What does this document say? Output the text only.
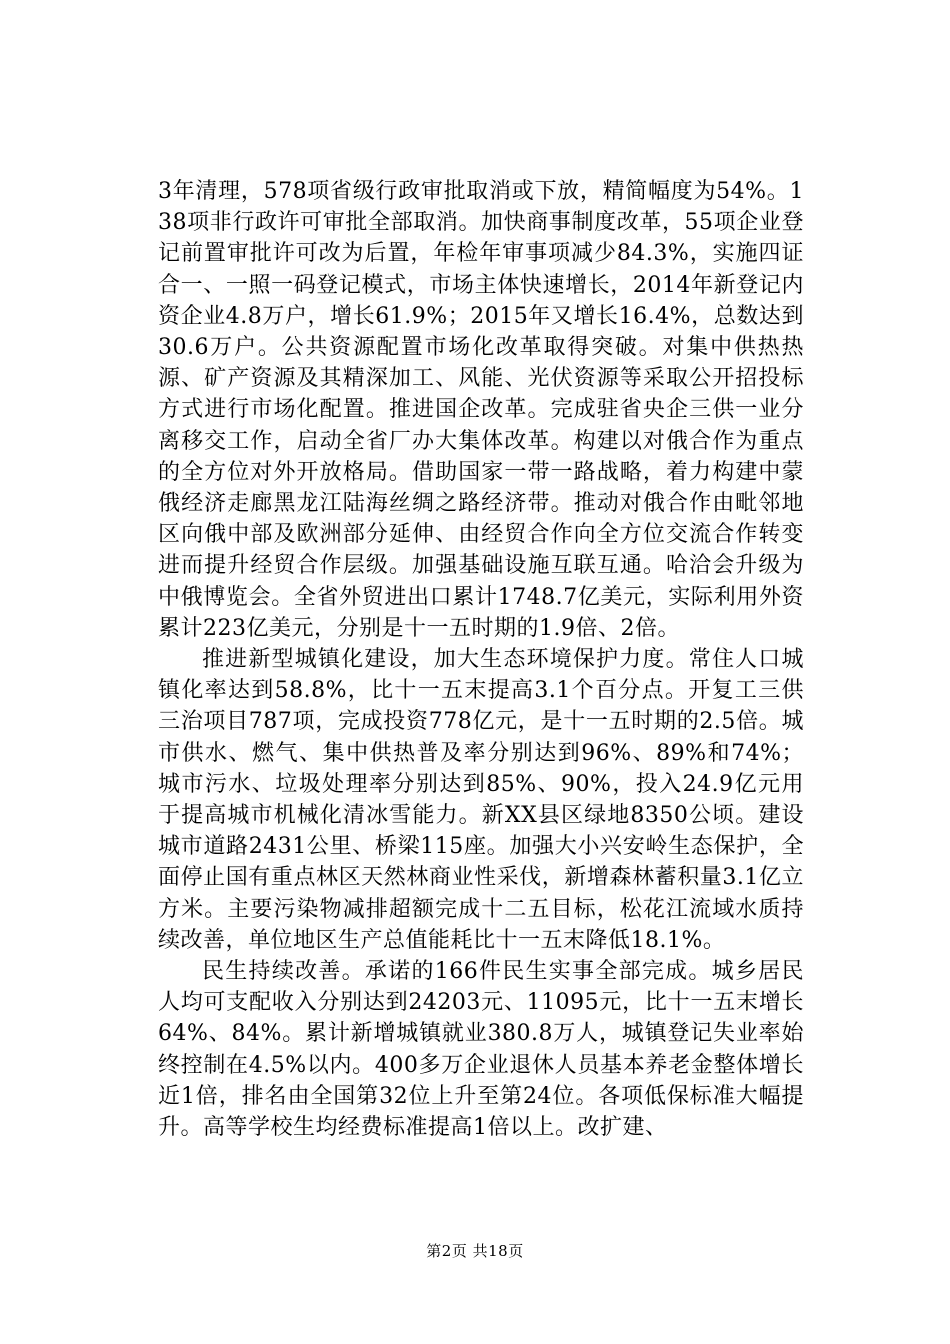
3年清理，578项省级行政审批取消或下放，精简幅度为54%。138项非行政许可审批全部取消。加快商事制度改革，55项企业登记前置审批许可改为后置，年检年审事项减少84.3%，实施四证合一、一照一码登记模式，市场主体快速增长，2014年新登记内资企业4.8万户，增长61.9%；2015年又增长16.4%，总数达到30.6万户。公共资源配置市场化改革取得突破。对集中供热热源、矿产资源及其精深加工、风能、光伏资源等采取公开招投标方式进行市场化配置。推进国企改革。完成驻省央企三供一业分离移交工作，启动全省厂办大集体改革。构建以对俄合作为重点的全方位对外开放格局。借助国家一带一路战略，着力构建中蒙俄经济走廊黑龙江陆海丝绸之路经济带。推动对俄合作由毗邻地区向俄中部及欧洲部分延伸、由经贸合作向全方位交流合作转变进而提升经贸合作层级。加强基础设施互联互通。哈洽会升级为中俄博览会。全省外贸进出口累计1748.7亿美元，实际利用外资累计223亿美元，分别是十一五时期的1.9倍、2倍。

推进新型城镇化建设，加大生态环境保护力度。常住人口城镇化率达到58.8%，比十一五末提高3.1个百分点。开复工三供三治项目787项，完成投资778亿元，是十一五时期的2.5倍。城市供水、燃气、集中供热普及率分别达到96%、89%和74%；城市污水、垃圾处理率分别达到85%、90%，投入24.9亿元用于提高城市机械化清冰雪能力。新XX县区绿地8350公顷。建设城市道路2431公里、桥梁115座。加强大小兴安岭生态保护，全面停止国有重点林区天然林商业性采伐，新增森林蓄积量3.1亿立方米。主要污染物减排超额完成十二五目标，松花江流域水质持续改善，单位地区生产总值能耗比十一五末降低18.1%。

民生持续改善。承诺的166件民生实事全部完成。城乡居民人均可支配收入分别达到24203元、11095元，比十一五末增长64%、84%。累计新增城镇就业380.8万人，城镇登记失业率始终控制在4.5%以内。400多万企业退休人员基本养老金整体增长近1倍，排名由全国第32位上升至第24位。各项低保标准大幅提升。高等学校生均经费标准提高1倍以上。改扩建、

第2页 共18页
